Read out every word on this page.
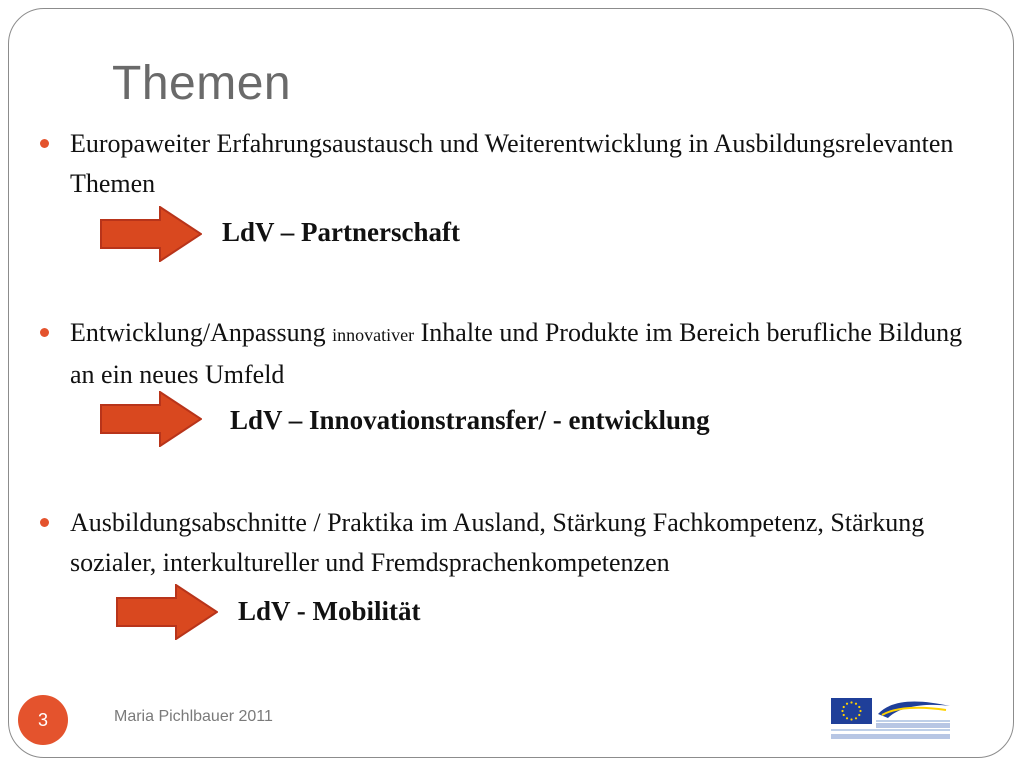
Themen
Europaweiter Erfahrungsaustausch und Weiterentwicklung in Ausbildungsrelevanten Themen
LdV – Partnerschaft
Entwicklung/Anpassung innovativer Inhalte und Produkte im Bereich berufliche Bildung an ein neues Umfeld
LdV – Innovationstransfer/ - entwicklung
Ausbildungsabschnitte / Praktika im Ausland, Stärkung Fachkompetenz, Stärkung sozialer, interkultureller und Fremdsprachenkompetenzen
LdV - Mobilität
3	Maria Pichlbauer 2011
